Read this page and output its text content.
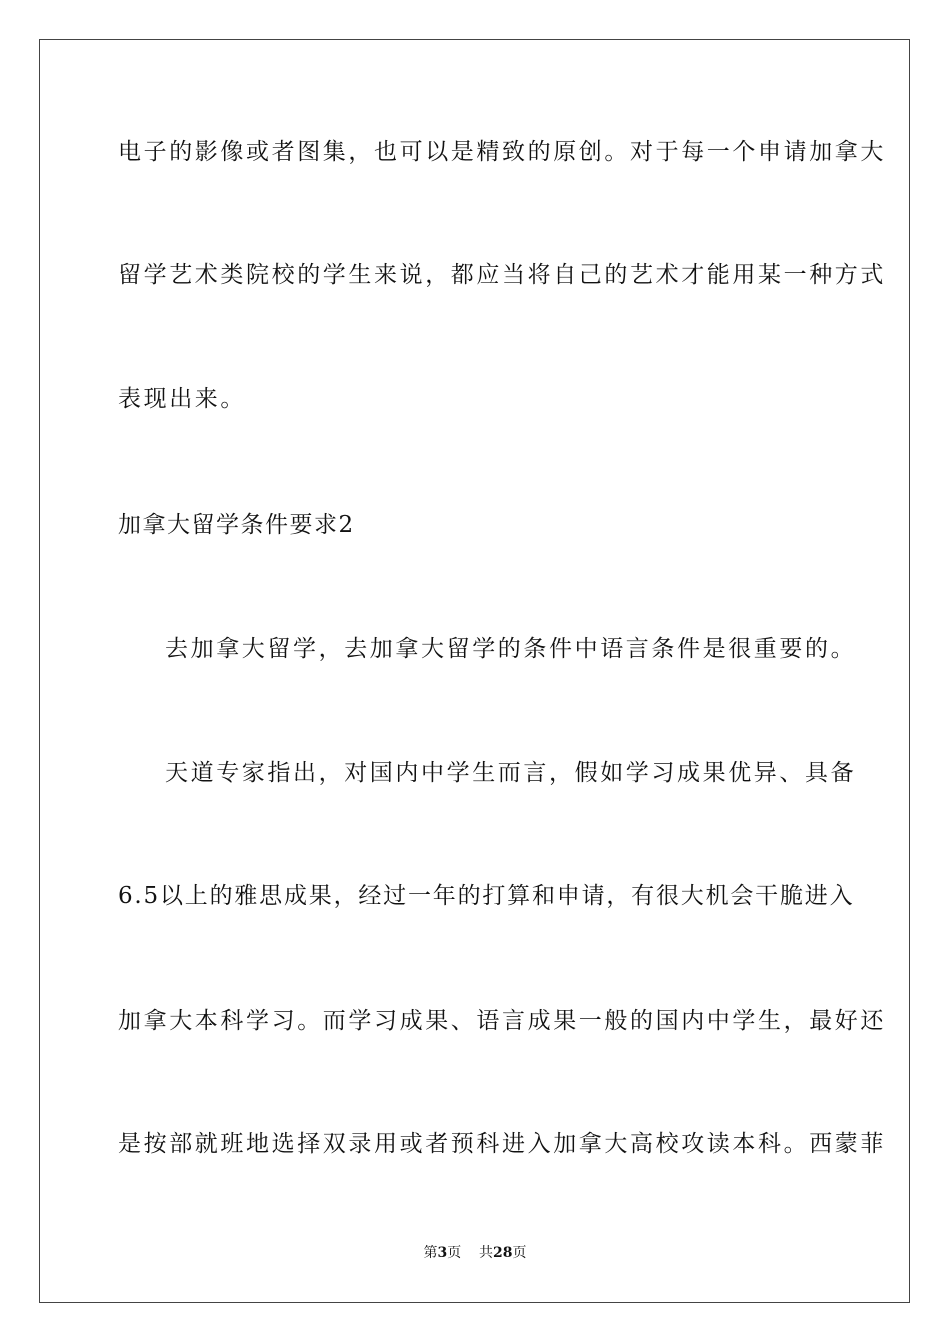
电子的影像或者图集，也可以是精致的原创。对于每一个申请加拿大
留学艺术类院校的学生来说，都应当将自己的艺术才能用某一种方式
表现出来。
加拿大留学条件要求2
去加拿大留学，去加拿大留学的条件中语言条件是很重要的。
天道专家指出，对国内中学生而言，假如学习成果优异、具备
6.5以上的雅思成果，经过一年的打算和申请，有很大机会干脆进入
加拿大本科学习。而学习成果、语言成果一般的国内中学生，最好还
是按部就班地选择双录用或者预科进入加拿大高校攻读本科。西蒙菲
第3页 共28页
